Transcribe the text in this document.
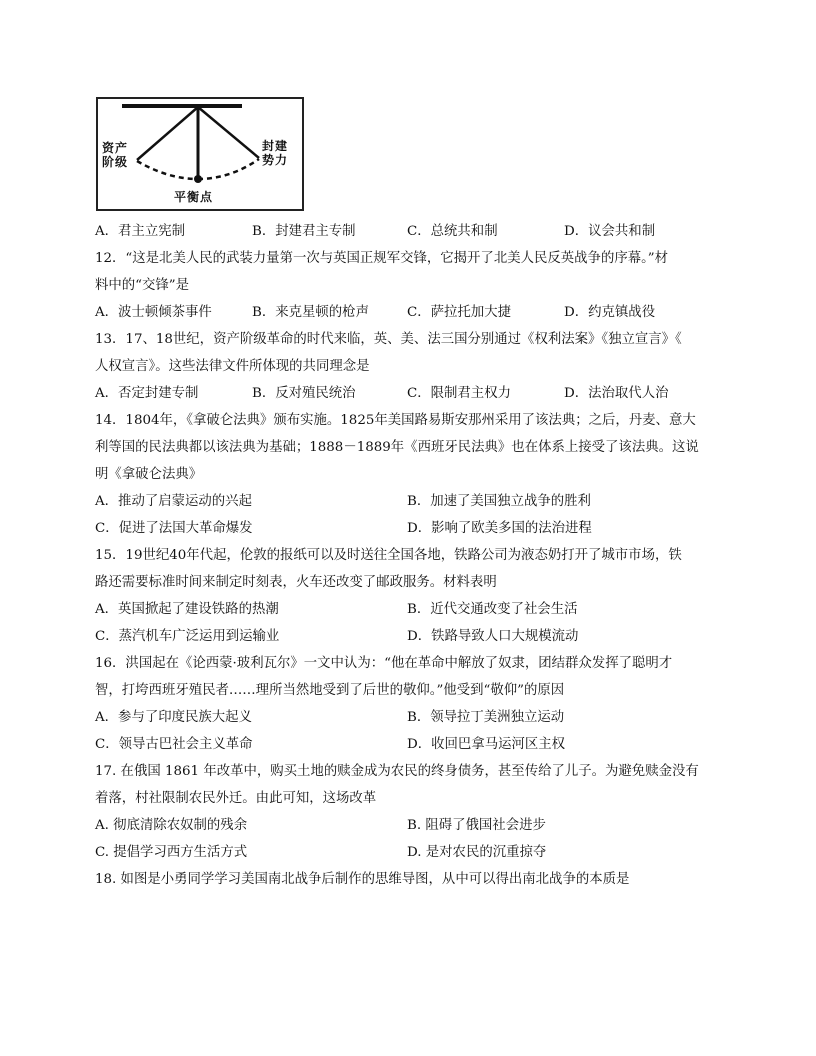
资产
阶级
封建
势力
平衡点
A．君主立宪制	B．封建君主专制	C．总统共和制	D．议会共和制
12．“这是北美人民的武装力量第一次与英国正规军交锋，它揭开了北美人民反英战争的序幕。”材
料中的“交锋”是
A．波士顿倾茶事件	B．来克星顿的枪声	C．萨拉托加大捷	D．约克镇战役
13．17、18世纪，资产阶级革命的时代来临，英、美、法三国分别通过《权利法案》《独立宣言》《
人权宣言》。这些法律文件所体现的共同理念是
A．否定封建专制	B．反对殖民统治	C．限制君主权力	D．法治取代人治
14．1804年，《拿破仑法典》颁布实施。1825年美国路易斯安那州采用了该法典；之后，丹麦、意大
利等国的民法典都以该法典为基础；1888－1889年《西班牙民法典》也在体系上接受了该法典。这说
明《拿破仑法典》
A．推动了启蒙运动的兴起	B．加速了美国独立战争的胜利
C．促进了法国大革命爆发	D．影响了欧美多国的法治进程
15．19世纪40年代起，伦敦的报纸可以及时送往全国各地，铁路公司为液态奶打开了城市市场，铁
路还需要标准时间来制定时刻表，火车还改变了邮政服务。材料表明
A．英国掀起了建设铁路的热潮	B．近代交通改变了社会生活
C．蒸汽机车广泛运用到运输业	D．铁路导致人口大规模流动
16．洪国起在《论西蒙·玻利瓦尔》一文中认为：“他在革命中解放了奴隶，团结群众发挥了聪明才
智，打垮西班牙殖民者……理所当然地受到了后世的敬仰。”他受到“敬仰”的原因
A．参与了印度民族大起义	B．领导拉丁美洲独立运动
C．领导古巴社会主义革命	D．收回巴拿马运河区主权
17. 在俄国 1861 年改革中，购买土地的赎金成为农民的终身债务，甚至传给了儿子。为避免赎金没有
着落，村社限制农民外迁。由此可知，这场改革
A. 彻底清除农奴制的残余	B. 阻碍了俄国社会进步
C. 提倡学习西方生活方式	D. 是对农民的沉重掠夺
18. 如图是小勇同学学习美国南北战争后制作的思维导图，从中可以得出南北战争的本质是
